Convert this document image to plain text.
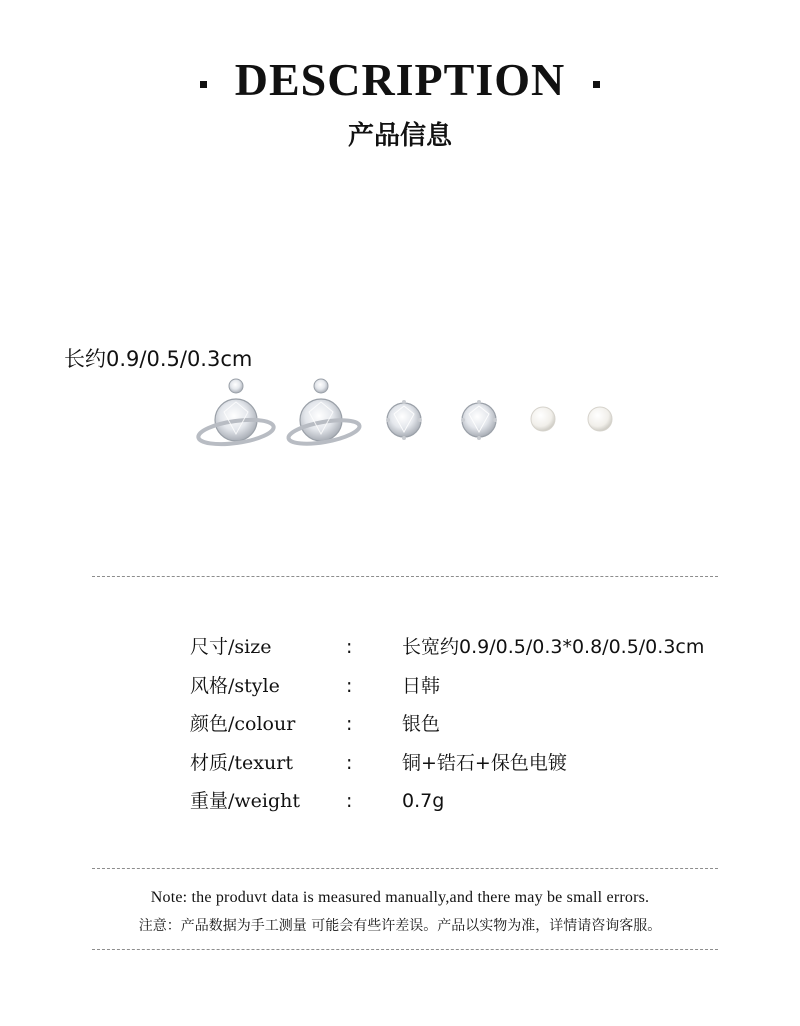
DESCRIPTION
产品信息
长约0.9/0.5/0.3cm
尺寸/size	:	长宽约0.9/0.5/0.3*0.8/0.5/0.3cm
风格/style	:	日韩
颜色/colour	:	银色
材质/texurt	:	铜+锆石+保色电镀
重量/weight :	0.7g
Note: the produvt data is measured manually,and there may be small errors.
注意：产品数据为手工测量 可能会有些许差误。产品以实物为准，详情请咨询客服。
